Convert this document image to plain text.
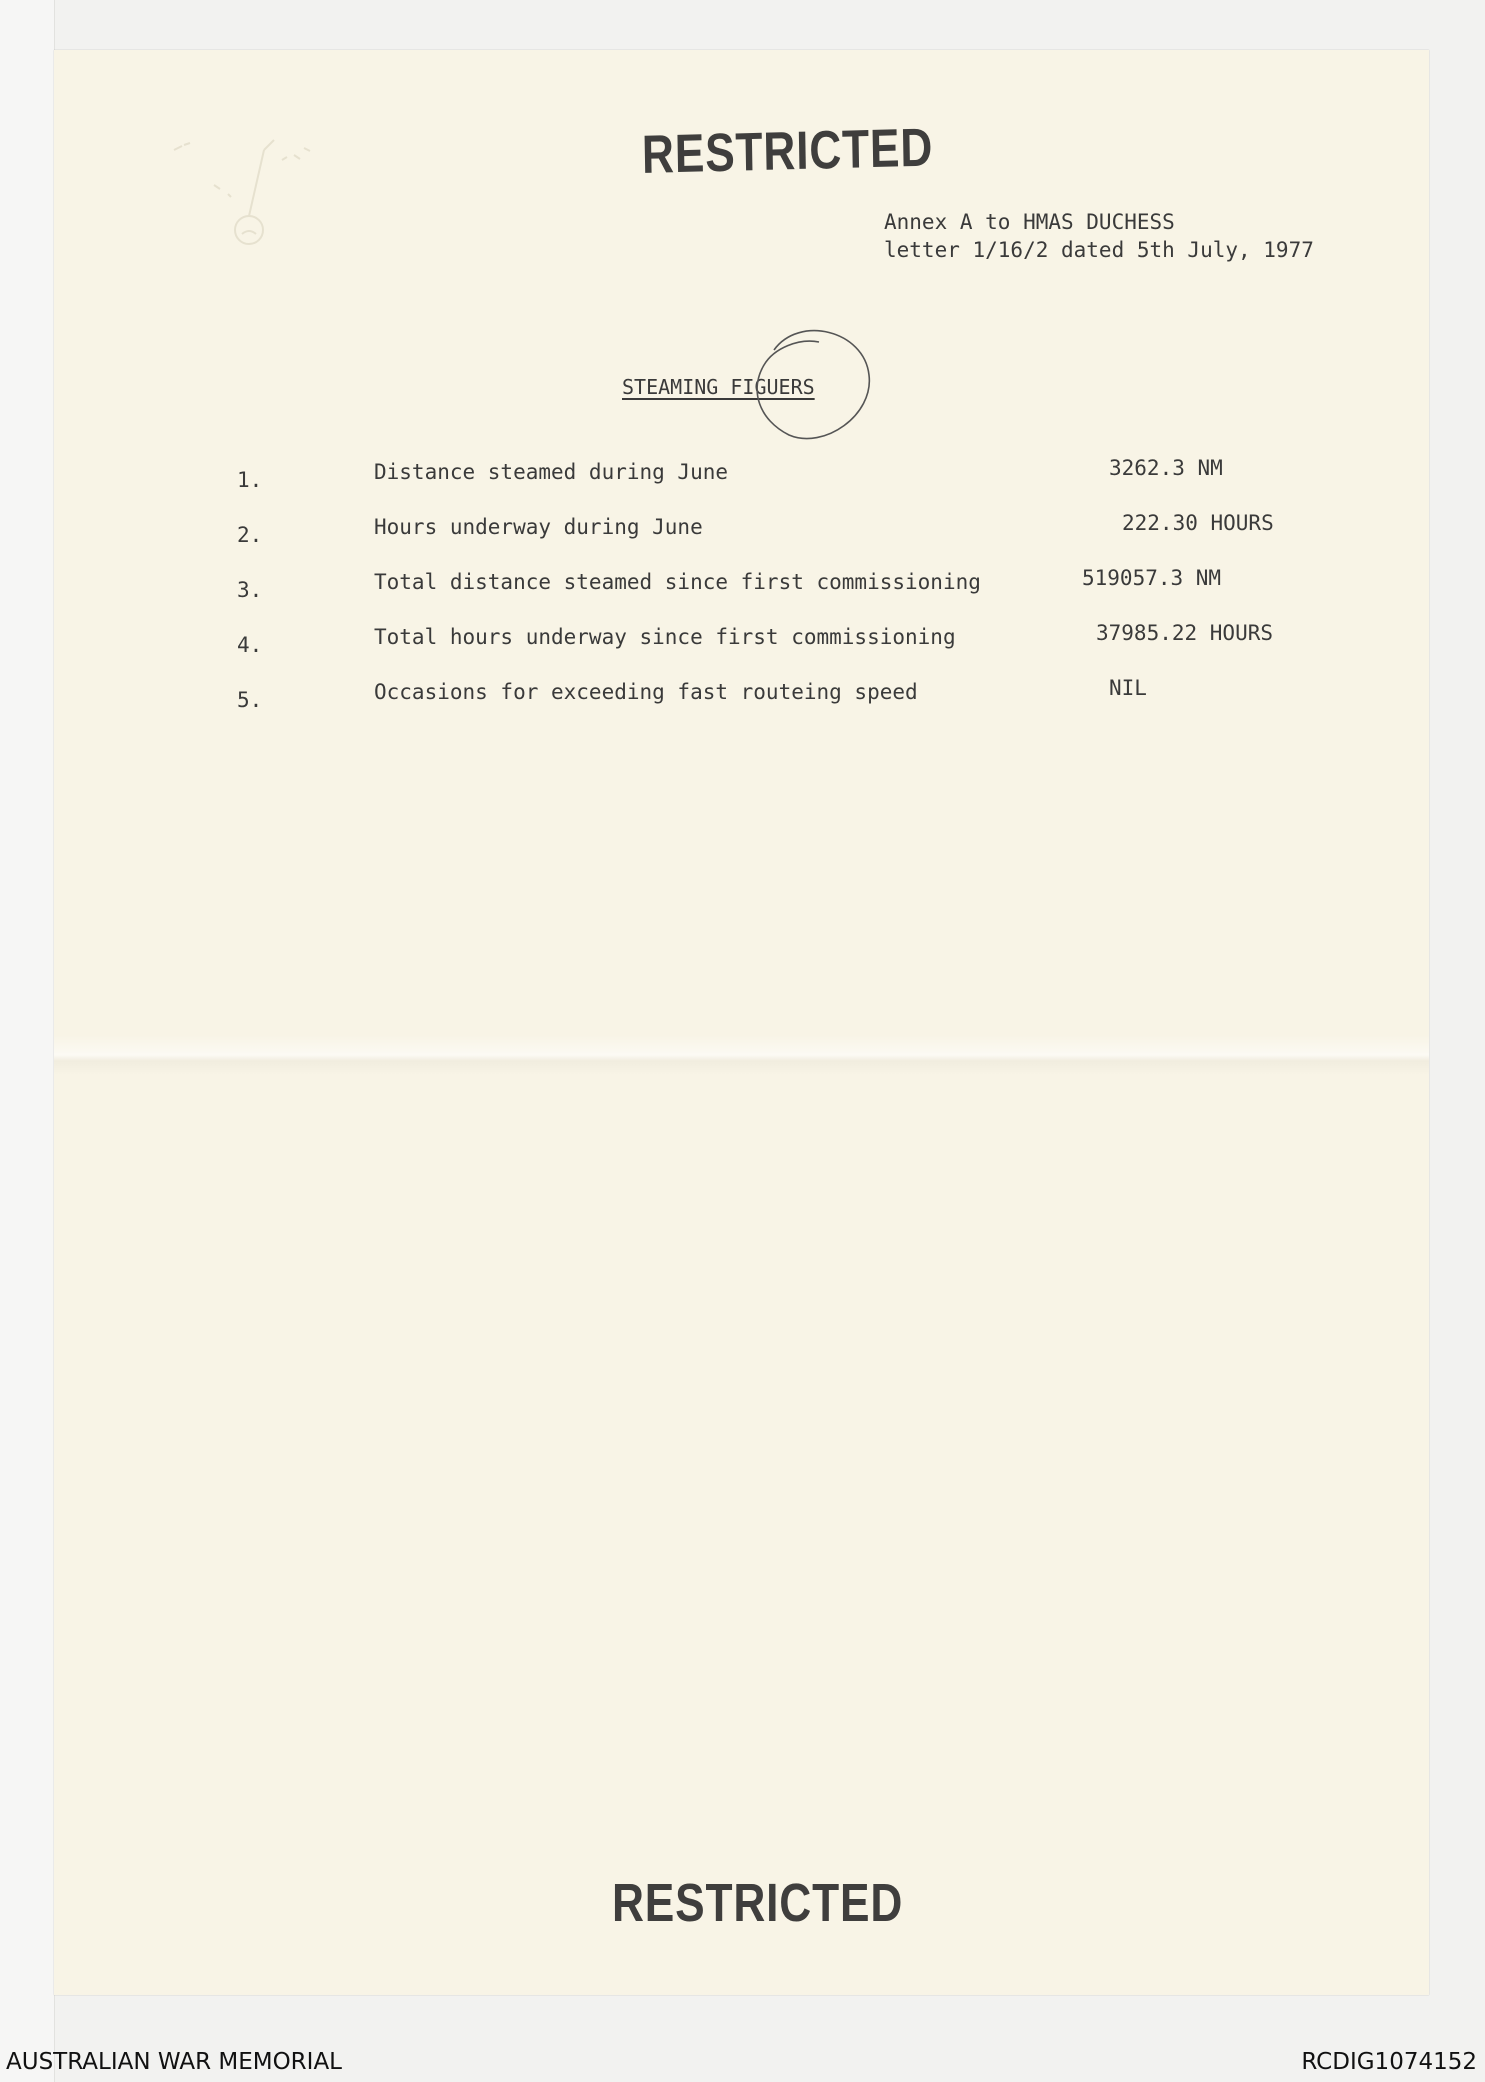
RESTRICTED
Annex A to HMAS DUCHESS
letter 1/16/2 dated 5th July, 1977
STEAMING FIGUERS
1.	Distance steamed during June	3262.3 NM
2.	Hours underway during June	222.30 HOURS
3.	Total distance steamed since first commissioning	519057.3 NM
4.	Total hours underway since first commissioning	37985.22 HOURS
5.	Occasions for exceeding fast routeing speed	NIL
RESTRICTED
AUSTRALIAN WAR MEMORIAL	RCDIG1074152
